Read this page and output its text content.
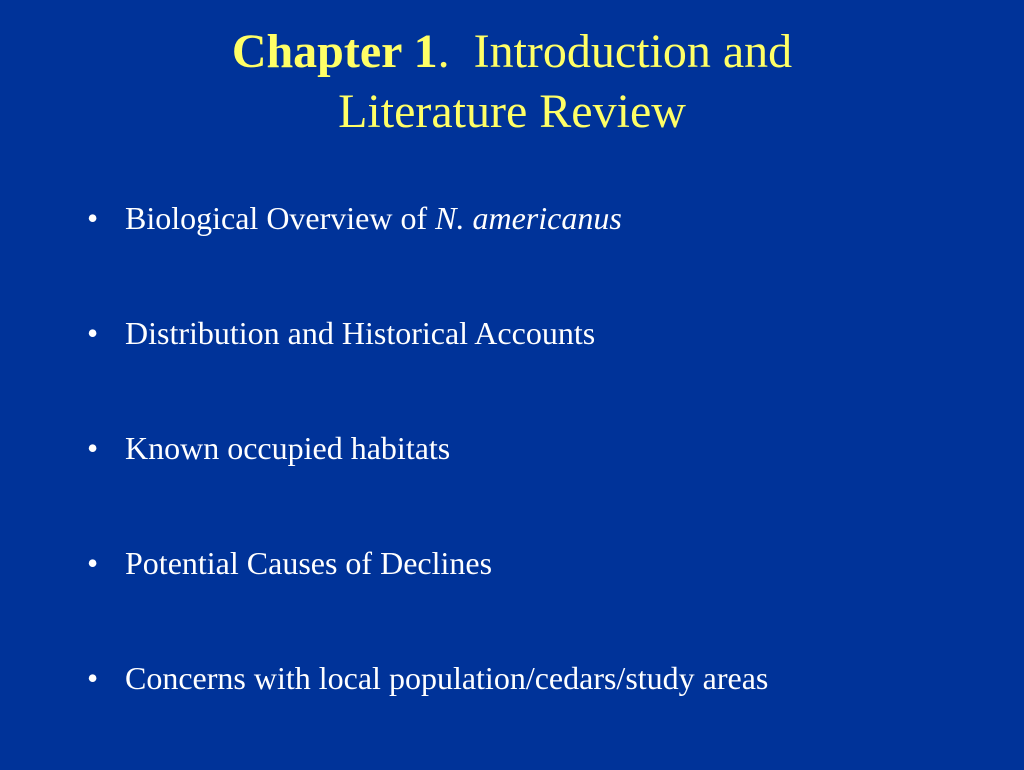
Chapter 1. Introduction and
Literature Review
• Biological Overview of N. americanus
• Distribution and Historical Accounts
• Known occupied habitats
• Potential Causes of Declines
• Concerns with local population/cedars/study areas
